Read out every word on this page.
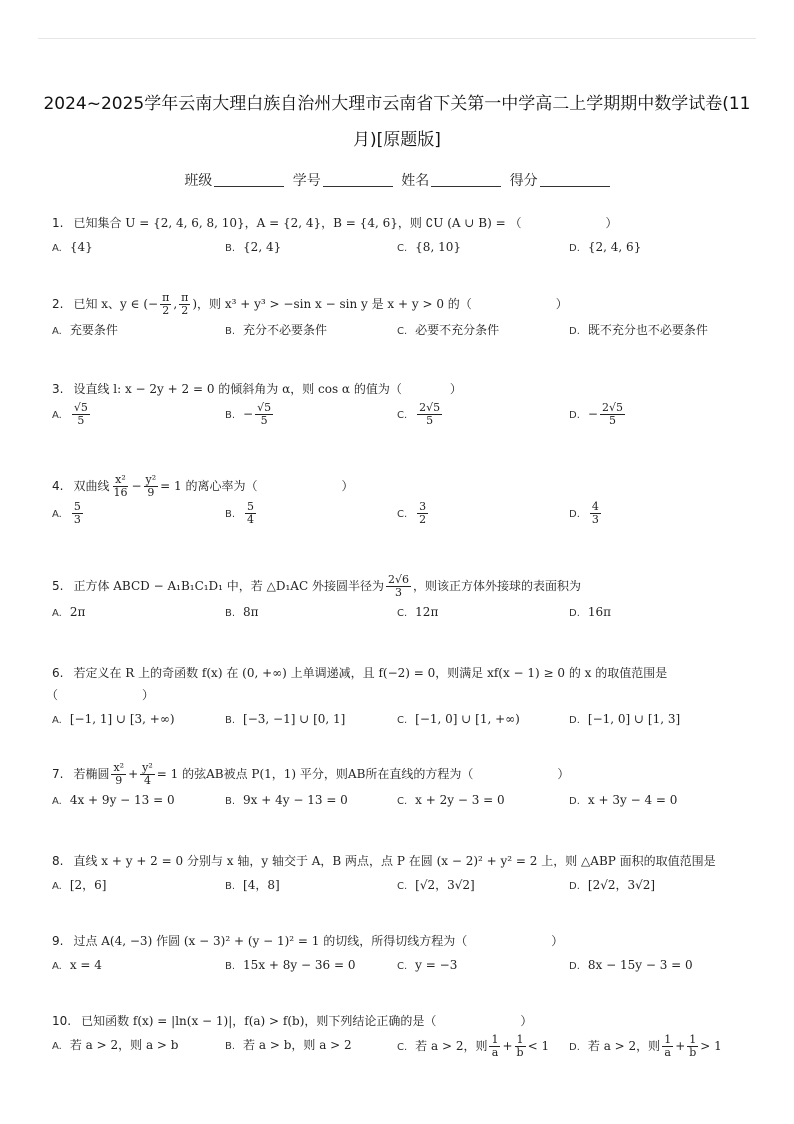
2024~2025学年云南大理白族自治州大理市云南省下关第一中学高二上学期期中数学试卷(11
月)[原题版]
班级	学号	姓名	得分
1. 已知集合 U = {2, 4, 6, 8, 10}，A = {2, 4}，B = {4, 6}，则 ∁U (A ∪ B) = （　　　　　　　）
A. {4}	B. {2, 4}	C. {8, 10}	D. {2, 4, 6}
2. 已知 x、y ∈ (− $\frac{\pi}{2}$ , $\frac{\pi}{2}$ )，则 x³ + y³ > −sin x − sin y 是 x + y > 0 的（　　　　　　　）
A. 充要条件	B. 充分不必要条件	C. 必要不充分条件	D. 既不充分也不必要条件
3. 设直线 l: x − 2y + 2 = 0 的倾斜角为 α，则 cos α 的值为（　　　　）
A. $\frac{√5}{5}$	B. − $\frac{√5}{5}$	C. $\frac{2√5}{5}$	D. − $\frac{2√5}{5}$
4. 双曲线 $\frac{\text{x²}}{16} - \frac{\text{y²}}{9} = 1$ 的离心率为（　　　　　　　）
A. $\frac{5}{3}$	B. $\frac{5}{4}$	C. $\frac{3}{2}$	D. $\frac{4}{3}$
5. 正方体 ABCD − A₁B₁C₁D₁ 中，若 △D₁AC 外接圆半径为 $\frac{2√6}{3}$ ，则该正方体外接球的表面积为
A. 2π	B. 8π	C. 12π	D. 16π
6. 若定义在 R 上的奇函数 f(x) 在 (0, +∞) 上单调递减，且 f(−2) = 0，则满足 xf(x − 1) ≥ 0 的 x 的取值范围是
（　　　　　　　）
A. [−1, 1] ∪ [3, +∞)	B. [−3, −1] ∪ [0, 1]	C. [−1, 0] ∪ [1, +∞)	D. [−1, 0] ∪ [1, 3]
7. 若椭圆 $\frac{\text{x²}}{9} + \frac{\text{y²}}{4} = 1$ 的弦AB被点 P(1，1) 平分，则AB所在直线的方程为（　　　　　　　）
A. 4x + 9y − 13 = 0	B. 9x + 4y − 13 = 0	C. x + 2y − 3 = 0	D. x + 3y − 4 = 0
8. 直线 x + y + 2 = 0 分别与 x 轴，y 轴交于 A，B 两点，点 P 在圆 (x − 2)² + y² = 2 上，则 △ABP 面积的取值范围是
A. [2，6]	B. [4，8]	C. [√2，3√2]	D. [2√2，3√2]
9. 过点 A(4, −3) 作圆 (x − 3)² + (y − 1)² = 1 的切线，所得切线方程为（　　　　　　　）
A. x = 4	B. 15x + 8y − 36 = 0	C. y = −3	D. 8x − 15y − 3 = 0
10. 已知函数 f(x) = |ln(x − 1)|，f(a) > f(b)，则下列结论正确的是（　　　　　　　）
A. 若 a > 2，则 a > b	B. 若 a > b，则 a > 2	C. 若 a > 2，则 $\frac{1}{a} + \frac{1}{b} < 1$ D. 若 a > 2，则 $\frac{1}{a} + \frac{1}{b} > 1$
